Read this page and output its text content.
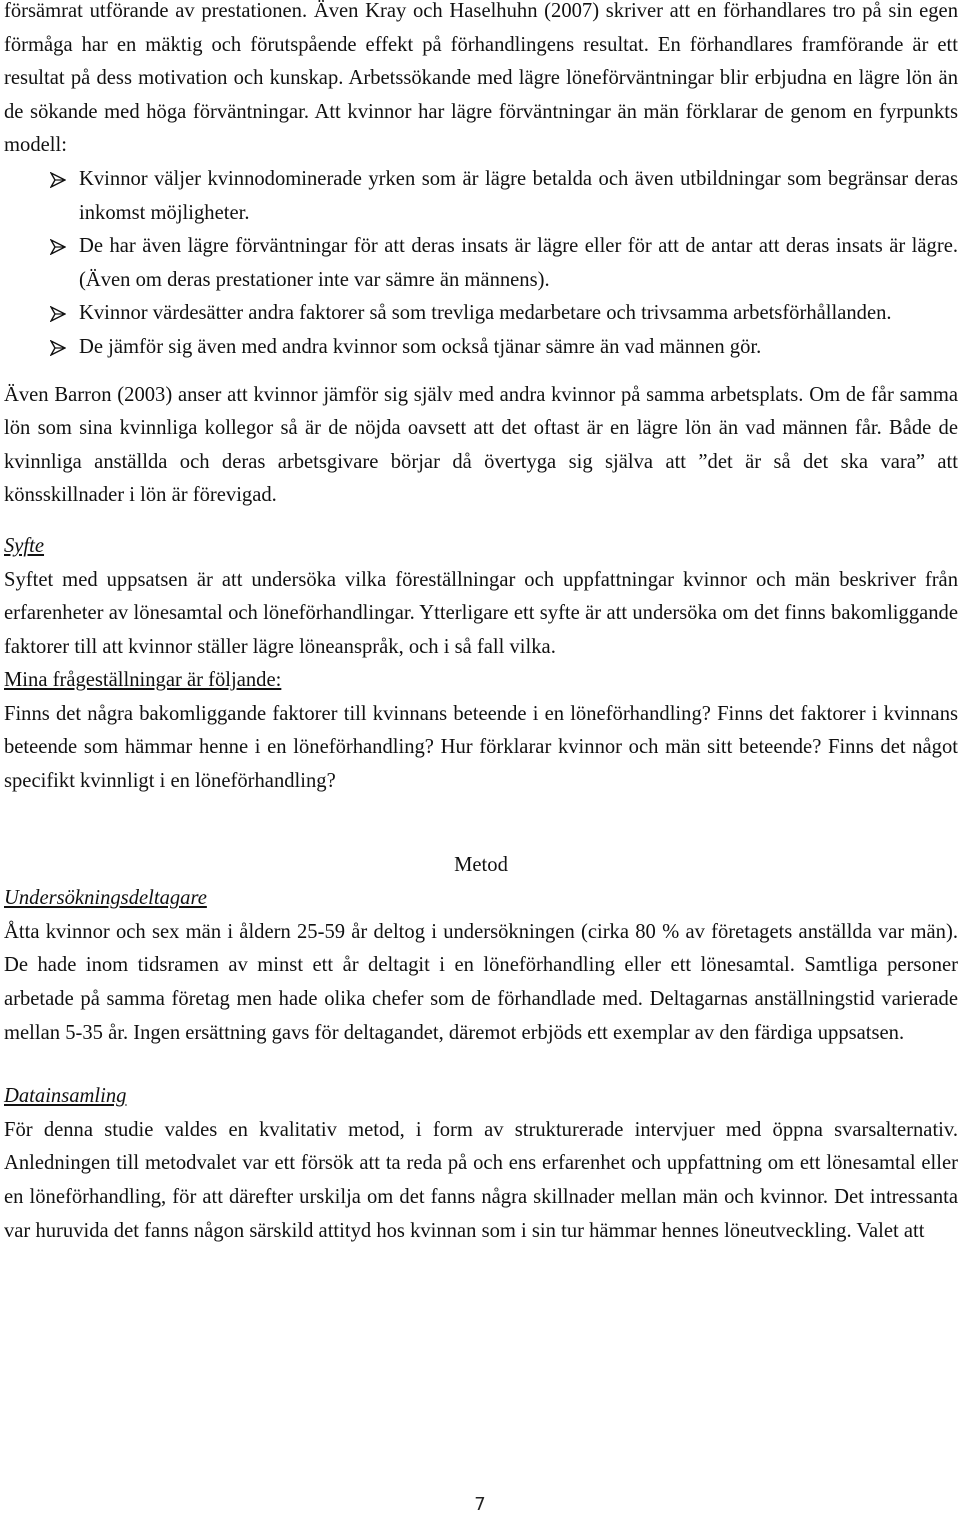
försämrat utförande av prestationen. Även Kray och Haselhuhn (2007) skriver att en förhandlares tro på sin egen förmåga har en mäktig och förutspående effekt på förhandlingens resultat. En förhandlares framförande är ett resultat på dess motivation och kunskap. Arbetssökande med lägre löneförväntningar blir erbjudna en lägre lön än de sökande med höga förväntningar. Att kvinnor har lägre förväntningar än män förklarar de genom en fyrpunkts modell:

Kvinnor väljer kvinnodominerade yrken som är lägre betalda och även utbildningar som begränsar deras inkomst möjligheter.
De har även lägre förväntningar för att deras insats är lägre eller för att de antar att deras insats är lägre. (Även om deras prestationer inte var sämre än männens).
Kvinnor värdesätter andra faktorer så som trevliga medarbetare och trivsamma arbetsförhållanden.
De jämför sig även med andra kvinnor som också tjänar sämre än vad männen gör.

Även Barron (2003) anser att kvinnor jämför sig själv med andra kvinnor på samma arbetsplats. Om de får samma lön som sina kvinnliga kollegor så är de nöjda oavsett att det oftast är en lägre lön än vad männen får. Både de kvinnliga anställda och deras arbetsgivare börjar då övertyga sig själva att ”det är så det ska vara” att könsskillnader i lön är förevigad.

Syfte

Syftet med uppsatsen är att undersöka vilka föreställningar och uppfattningar kvinnor och män beskriver från erfarenheter av lönesamtal och löneförhandlingar. Ytterligare ett syfte är att undersöka om det finns bakomliggande faktorer till att kvinnor ställer lägre löneanspråk, och i så fall vilka.

Mina frågeställningar är följande:

Finns det några bakomliggande faktorer till kvinnans beteende i en löneförhandling? Finns det faktorer i kvinnans beteende som hämmar henne i en löneförhandling? Hur förklarar kvinnor och män sitt beteende? Finns det något specifikt kvinnligt i en löneförhandling?

Metod

Undersökningsdeltagare

Åtta kvinnor och sex män i åldern 25-59 år deltog i undersökningen (cirka 80 % av företagets anställda var män). De hade inom tidsramen av minst ett år deltagit i en löneförhandling eller ett lönesamtal. Samtliga personer arbetade på samma företag men hade olika chefer som de förhandlade med. Deltagarnas anställningstid varierade mellan 5-35 år. Ingen ersättning gavs för deltagandet, däremot erbjöds ett exemplar av den färdiga uppsatsen.

Datainsamling

För denna studie valdes en kvalitativ metod, i form av strukturerade intervjuer med öppna svarsalternativ. Anledningen till metodvalet var ett försök att ta reda på och ens erfarenhet och uppfattning om ett lönesamtal eller en löneförhandling, för att därefter urskilja om det fanns några skillnader mellan män och kvinnor. Det intressanta var huruvida det fanns någon särskild attityd hos kvinnan som i sin tur hämmar hennes löneutveckling. Valet att

7
